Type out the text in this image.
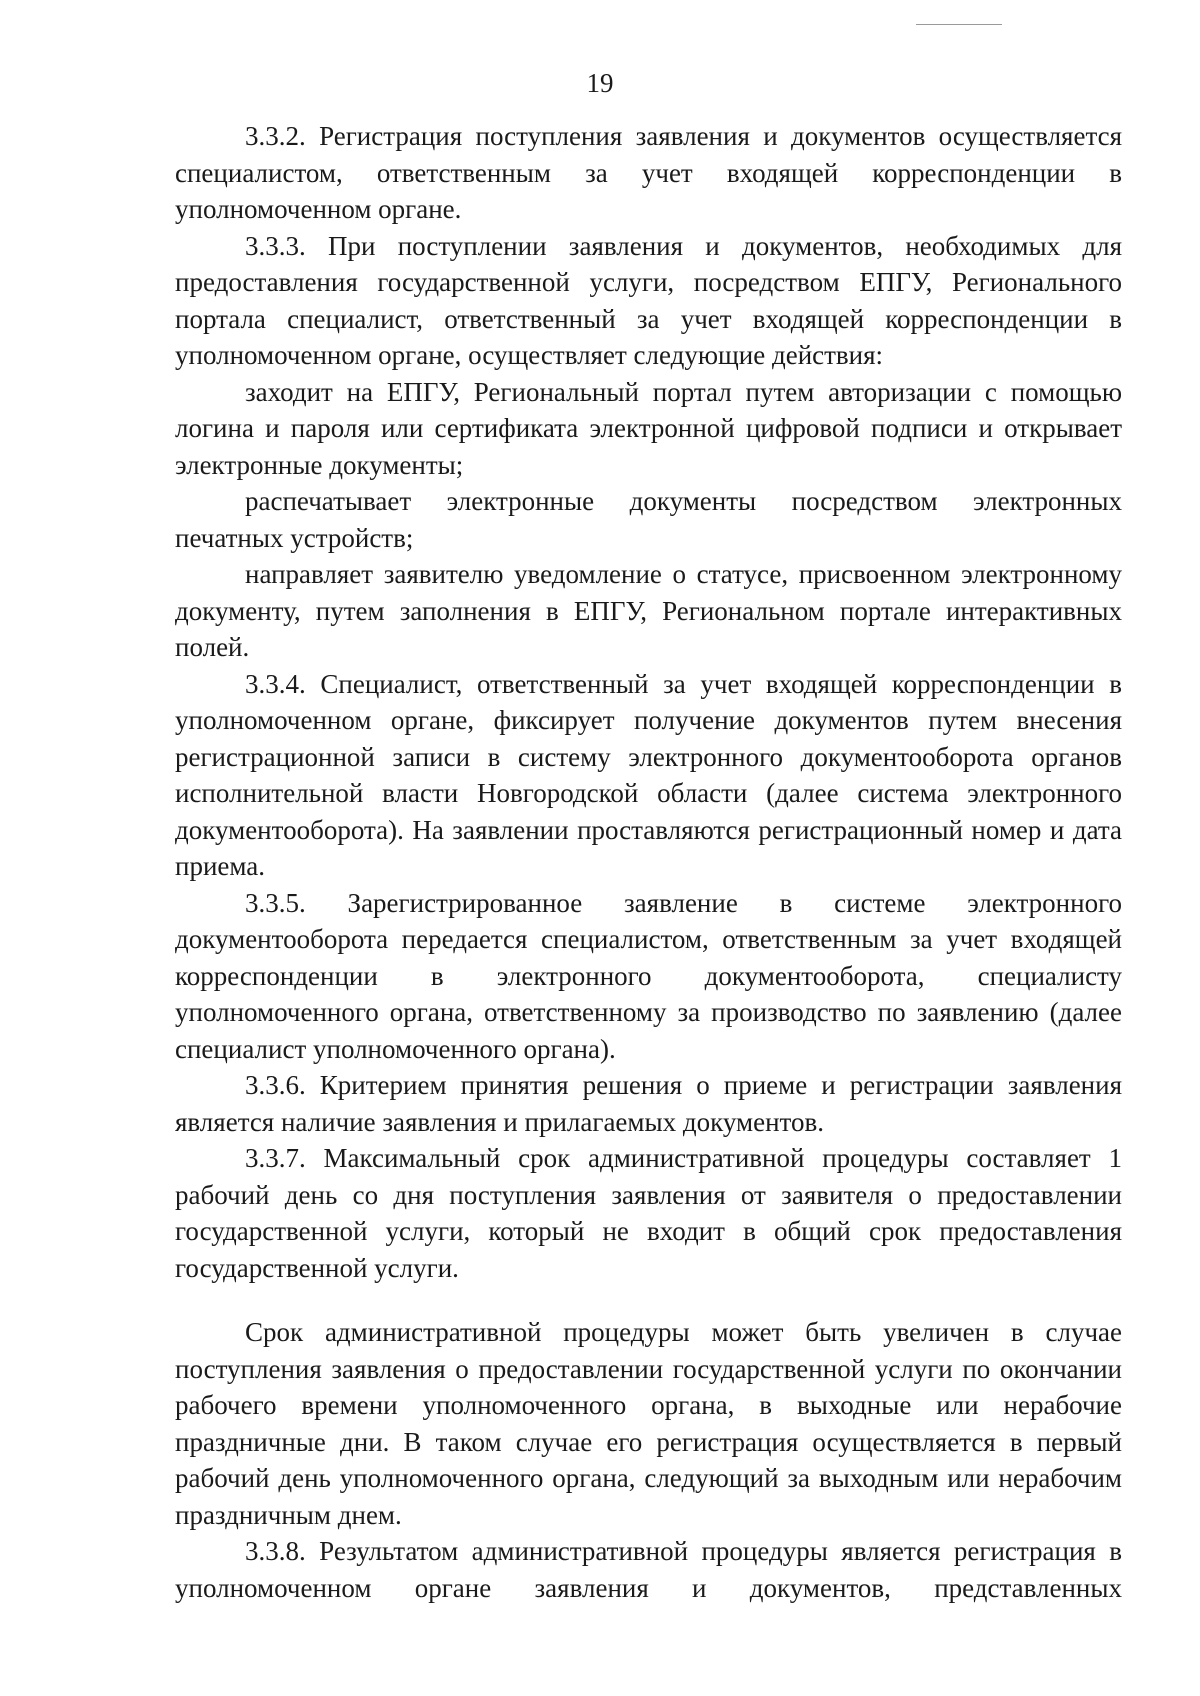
19

3.3.2. Регистрация поступления заявления и документов осуществляется специалистом, ответственным за учет входящей корреспонденции в уполномоченном органе.

3.3.3. При поступлении заявления и документов, необходимых для предоставления государственной услуги, посредством ЕПГУ, Регионального портала специалист, ответственный за учет входящей корреспонденции в уполномоченном органе, осуществляет следующие действия:

заходит на ЕПГУ, Региональный портал путем авторизации с помощью логина и пароля или сертификата электронной цифровой подписи и открывает электронные документы;

распечатывает электронные документы посредством электронных печатных устройств;

направляет заявителю уведомление о статусе, присвоенном электронному документу, путем заполнения в ЕПГУ, Региональном портале интерактивных полей.

3.3.4. Специалист, ответственный за учет входящей корреспонденции в уполномоченном органе, фиксирует получение документов путем внесения регистрационной записи в систему электронного документооборота органов исполнительной власти Новгородской области (далее система электронного документооборота). На заявлении проставляются регистрационный номер и дата приема.

3.3.5. Зарегистрированное заявление в системе электронного документооборота передается специалистом, ответственным за учет входящей корреспонденции в электронного документооборота, специалисту уполномоченного органа, ответственному за производство по заявлению (далее специалист уполномоченного органа).

3.3.6. Критерием принятия решения о приеме и регистрации заявления является наличие заявления и прилагаемых документов.

3.3.7. Максимальный срок административной процедуры составляет 1 рабочий день со дня поступления заявления от заявителя о предоставлении государственной услуги, который не входит в общий срок предоставления государственной услуги.

Срок административной процедуры может быть увеличен в случае поступления заявления о предоставлении государственной услуги по окончании рабочего времени уполномоченного органа, в выходные или нерабочие праздничные дни. В таком случае его регистрация осуществляется в первый рабочий день уполномоченного органа, следующий за выходным или нерабочим праздничным днем.

3.3.8. Результатом административной процедуры является регистрация в уполномоченном органе заявления и документов, представленных
